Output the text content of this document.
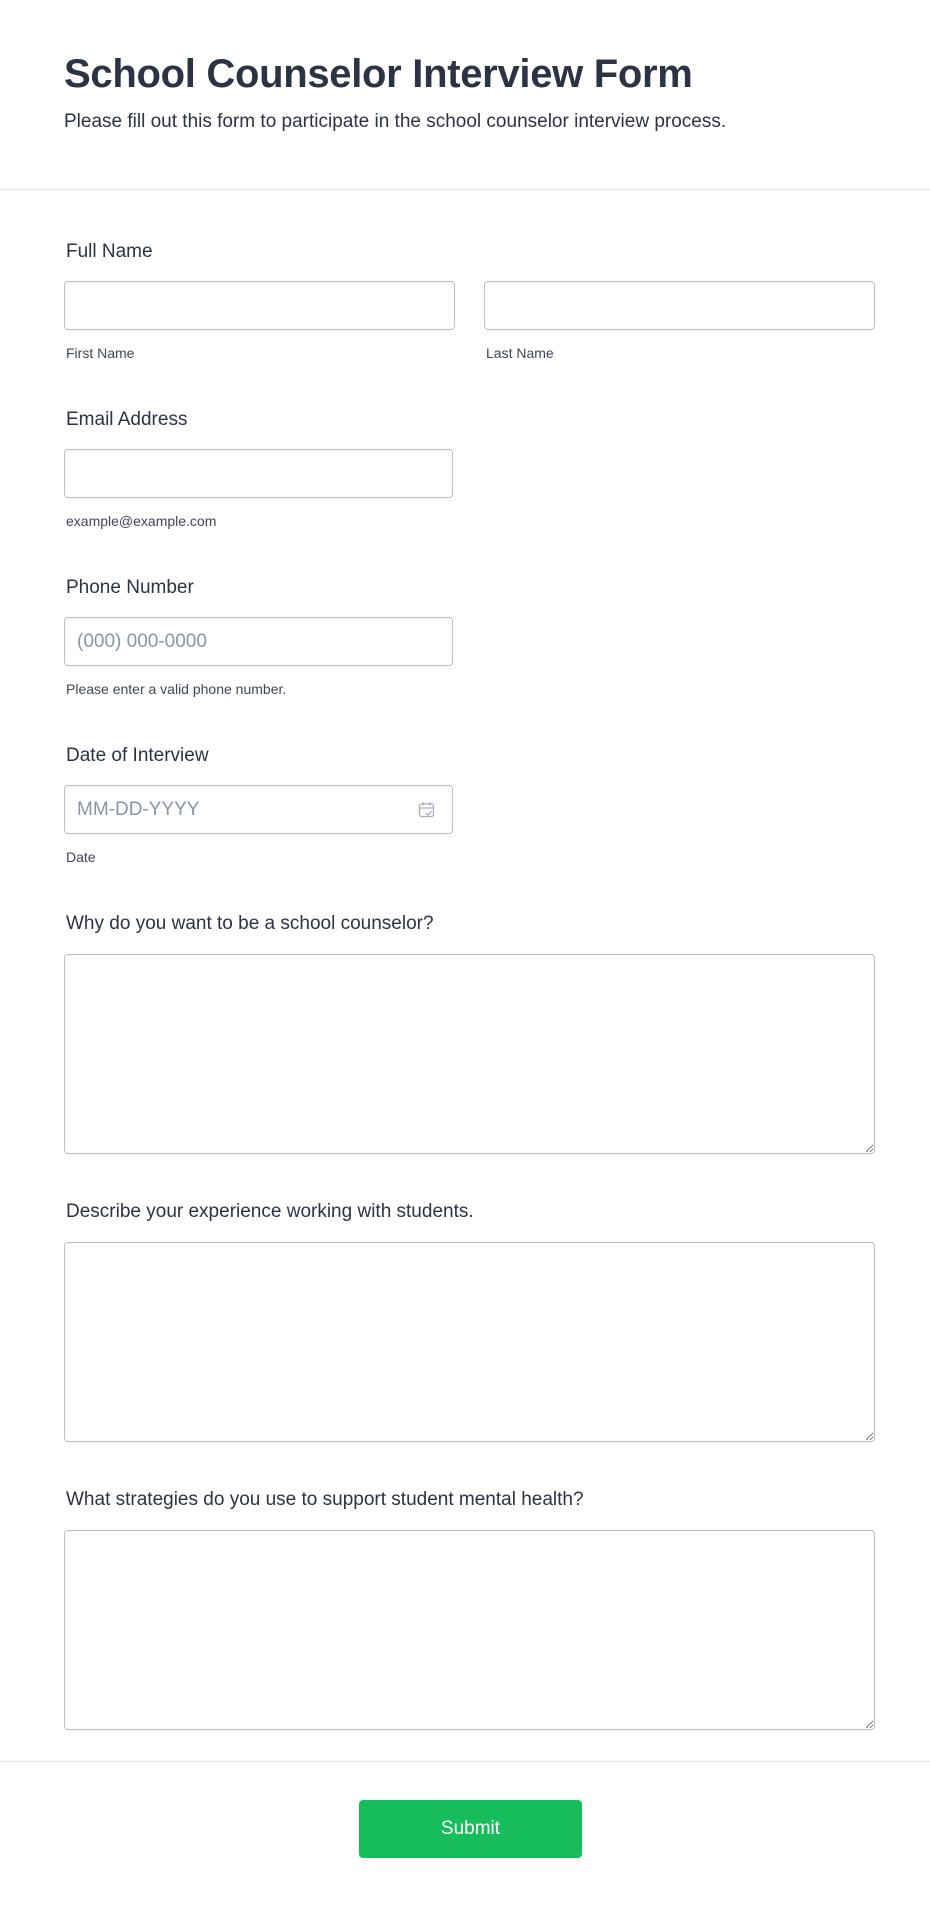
School Counselor Interview Form

Please fill out this form to participate in the school counselor interview process.

Full Name
First Name	Last Name
Email Address
example@example.com
Phone Number
(000) 000-0000
Please enter a valid phone number.
Date of Interview
MM-DD-YYYY
Date
Why do you want to be a school counselor?
Describe your experience working with students.
What strategies do you use to support student mental health?
Submit
